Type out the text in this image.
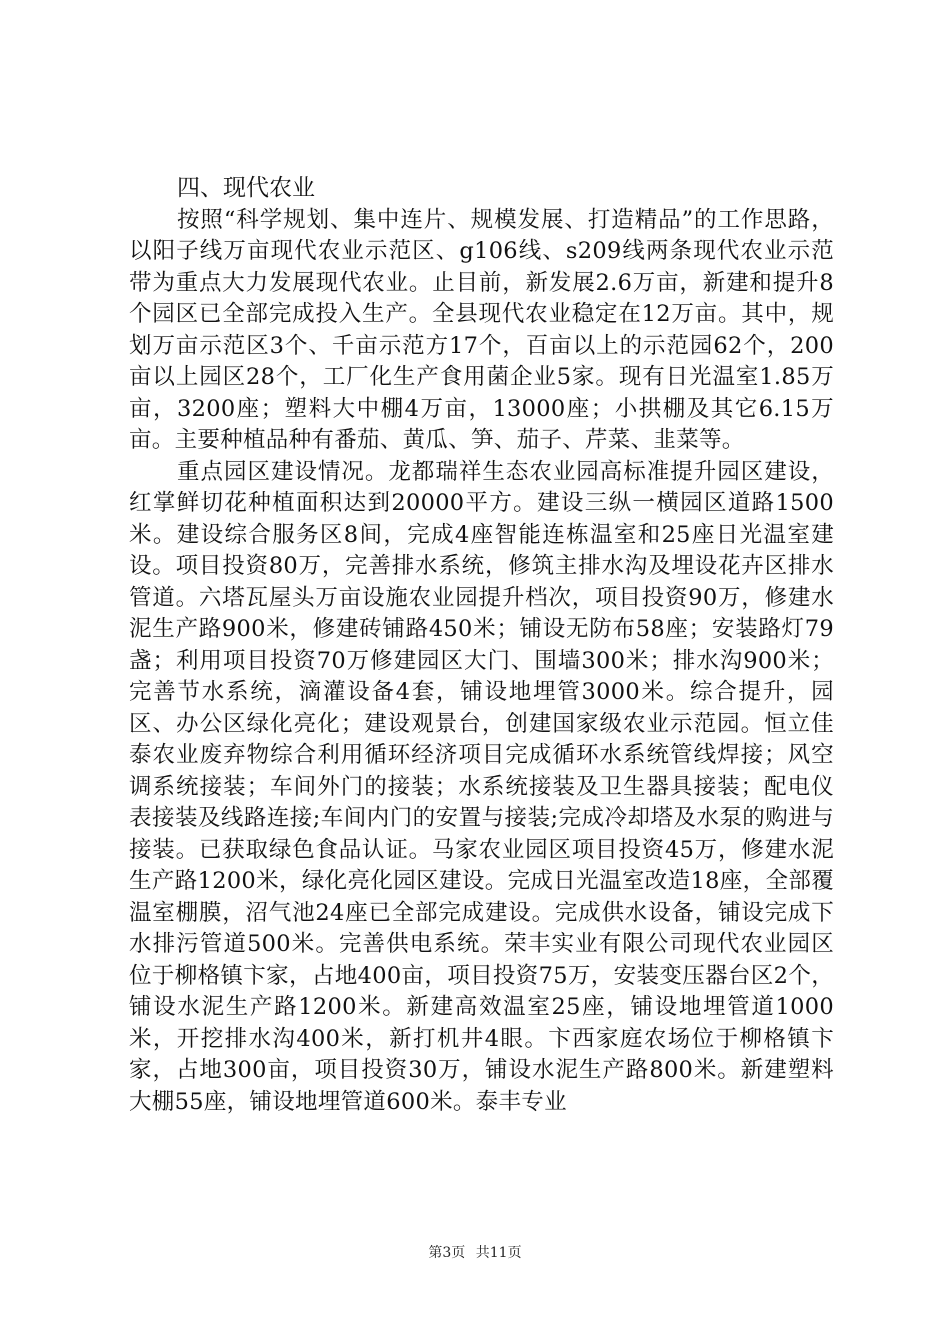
四、现代农业

按照“科学规划、集中连片、规模发展、打造精品”的工作思路，以阳子线万亩现代农业示范区、g106线、s209线两条现代农业示范带为重点大力发展现代农业。止目前，新发展2.6万亩，新建和提升8个园区已全部完成投入生产。全县现代农业稳定在12万亩。其中，规划万亩示范区3个、千亩示范方17个，百亩以上的示范园62个，200亩以上园区28个，工厂化生产食用菌企业5家。现有日光温室1.85万亩，3200座；塑料大中棚4万亩，13000座；小拱棚及其它6.15万亩。主要种植品种有番茄、黄瓜、笋、茄子、芹菜、韭菜等。

重点园区建设情况。龙都瑞祥生态农业园高标准提升园区建设，红掌鲜切花种植面积达到20000平方。建设三纵一横园区道路1500米。建设综合服务区8间，完成4座智能连栋温室和25座日光温室建设。项目投资80万，完善排水系统，修筑主排水沟及埋设花卉区排水管道。六塔瓦屋头万亩设施农业园提升档次，项目投资90万，修建水泥生产路900米，修建砖铺路450米；铺设无防布58座；安装路灯79盏；利用项目投资70万修建园区大门、围墙300米；排水沟900米；完善节水系统，滴灌设备4套，铺设地埋管3000米。综合提升，园区、办公区绿化亮化；建设观景台，创建国家级农业示范园。恒立佳泰农业废弃物综合利用循环经济项目完成循环水系统管线焊接；风空调系统接装；车间外门的接装；水系统接装及卫生器具接装；配电仪表接装及线路连接;车间内门的安置与接装;完成冷却塔及水泵的购进与接装。已获取绿色食品认证。马家农业园区项目投资45万，修建水泥生产路1200米，绿化亮化园区建设。完成日光温室改造18座，全部覆温室棚膜，沼气池24座已全部完成建设。完成供水设备，铺设完成下水排污管道500米。完善供电系统。荣丰实业有限公司现代农业园区位于柳格镇卞家，占地400亩，项目投资75万，安装变压器台区2个，铺设水泥生产路1200米。新建高效温室25座，铺设地埋管道1000米，开挖排水沟400米，新打机井4眼。卞西家庭农场位于柳格镇卞家，占地300亩，项目投资30万，铺设水泥生产路800米。新建塑料大棚55座，铺设地埋管道600米。泰丰专业

第3页 共11页
